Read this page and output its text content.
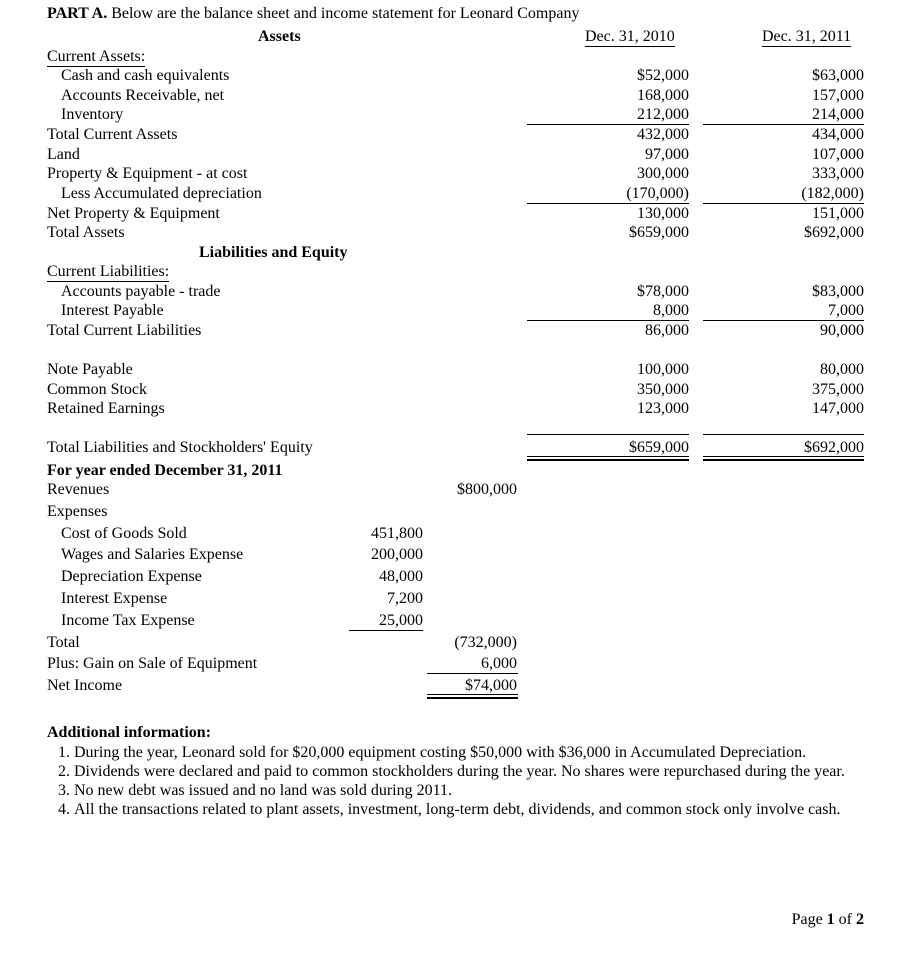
PART A. Below are the balance sheet and income statement for Leonard Company
Assets	Dec. 31, 2010	Dec. 31, 2011
Current Assets:
Cash and cash equivalents	$52,000	$63,000
Accounts Receivable, net	168,000	157,000
Inventory	212,000	214,000
Total Current Assets	432,000	434,000
Land	97,000	107,000
Property & Equipment - at cost	300,000	333,000
Less Accumulated depreciation	(170,000)	(182,000)
Net Property & Equipment	130,000	151,000
Total Assets	$659,000	$692,000
Liabilities and Equity
Current Liabilities:
Accounts payable - trade	$78,000	$83,000
Interest Payable	8,000	7,000
Total Current Liabilities	86,000	90,000
Note Payable	100,000	80,000
Common Stock	350,000	375,000
Retained Earnings	123,000	147,000
Total Liabilities and Stockholders' Equity	$659,000	$692,000
For year ended December 31, 2011
Revenues	$800,000
Expenses
Cost of Goods Sold	451,800
Wages and Salaries Expense	200,000
Depreciation Expense	48,000
Interest Expense	7,200
Income Tax Expense	25,000
Total	(732,000)
Plus: Gain on Sale of Equipment	6,000
Net Income	$74,000
Additional information:
1. During the year, Leonard sold for $20,000 equipment costing $50,000 with $36,000 in Accumulated Depreciation.
2. Dividends were declared and paid to common stockholders during the year. No shares were repurchased during the year.
3. No new debt was issued and no land was sold during 2011.
4. All the transactions related to plant assets, investment, long-term debt, dividends, and common stock only involve cash.
Page 1 of 2
